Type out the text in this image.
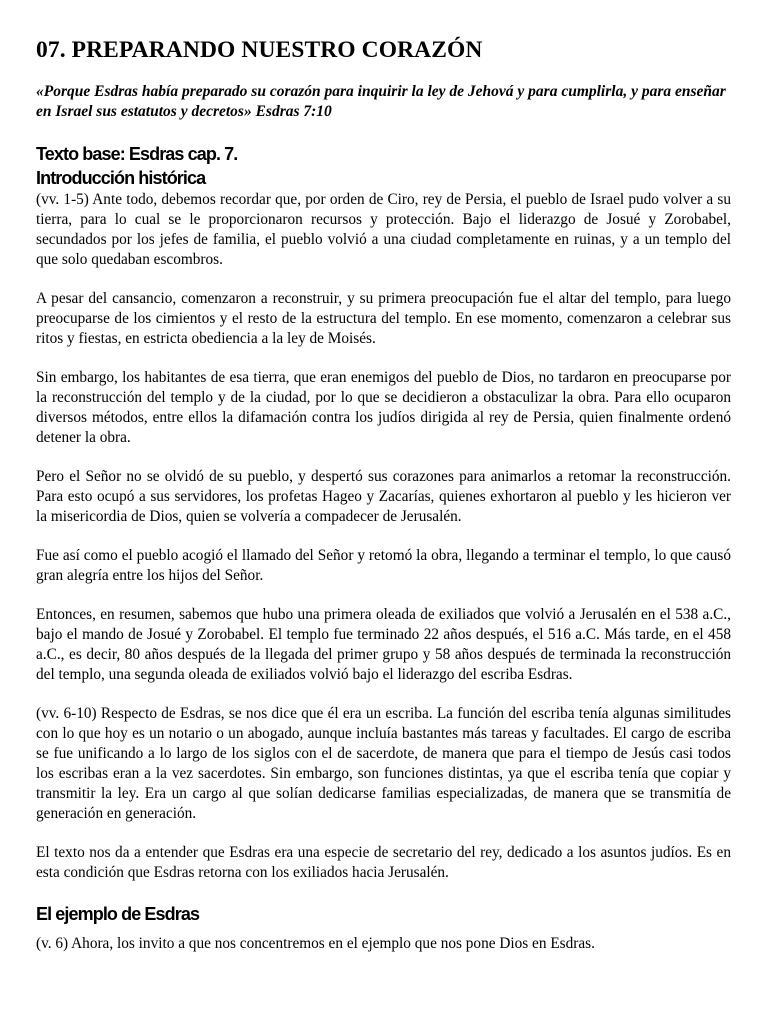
07. PREPARANDO NUESTRO CORAZÓN

«Porque Esdras había preparado su corazón para inquirir la ley de Jehová y para cumplirla, y para enseñar en Israel sus estatutos y decretos» Esdras 7:10

Texto base: Esdras cap. 7.
Introducción histórica

(vv. 1-5) Ante todo, debemos recordar que, por orden de Ciro, rey de Persia, el pueblo de Israel pudo volver a su tierra, para lo cual se le proporcionaron recursos y protección. Bajo el liderazgo de Josué y Zorobabel, secundados por los jefes de familia, el pueblo volvió a una ciudad completamente en ruinas, y a un templo del que solo quedaban escombros.

A pesar del cansancio, comenzaron a reconstruir, y su primera preocupación fue el altar del templo, para luego preocuparse de los cimientos y el resto de la estructura del templo. En ese momento, comenzaron a celebrar sus ritos y fiestas, en estricta obediencia a la ley de Moisés.

Sin embargo, los habitantes de esa tierra, que eran enemigos del pueblo de Dios, no tardaron en preocuparse por la reconstrucción del templo y de la ciudad, por lo que se decidieron a obstaculizar la obra. Para ello ocuparon diversos métodos, entre ellos la difamación contra los judíos dirigida al rey de Persia, quien finalmente ordenó detener la obra.

Pero el Señor no se olvidó de su pueblo, y despertó sus corazones para animarlos a retomar la reconstrucción. Para esto ocupó a sus servidores, los profetas Hageo y Zacarías, quienes exhortaron al pueblo y les hicieron ver la misericordia de Dios, quien se volvería a compadecer de Jerusalén.

Fue así como el pueblo acogió el llamado del Señor y retomó la obra, llegando a terminar el templo, lo que causó gran alegría entre los hijos del Señor.

Entonces, en resumen, sabemos que hubo una primera oleada de exiliados que volvió a Jerusalén en el 538 a.C., bajo el mando de Josué y Zorobabel. El templo fue terminado 22 años después, el 516 a.C. Más tarde, en el 458 a.C., es decir, 80 años después de la llegada del primer grupo y 58 años después de terminada la reconstrucción del templo, una segunda oleada de exiliados volvió bajo el liderazgo del escriba Esdras.

(vv. 6-10) Respecto de Esdras, se nos dice que él era un escriba. La función del escriba tenía algunas similitudes con lo que hoy es un notario o un abogado, aunque incluía bastantes más tareas y facultades. El cargo de escriba se fue unificando a lo largo de los siglos con el de sacerdote, de manera que para el tiempo de Jesús casi todos los escribas eran a la vez sacerdotes. Sin embargo, son funciones distintas, ya que el escriba tenía que copiar y transmitir la ley. Era un cargo al que solían dedicarse familias especializadas, de manera que se transmitía de generación en generación.

El texto nos da a entender que Esdras era una especie de secretario del rey, dedicado a los asuntos judíos. Es en esta condición que Esdras retorna con los exiliados hacia Jerusalén.

El ejemplo de Esdras

(v. 6) Ahora, los invito a que nos concentremos en el ejemplo que nos pone Dios en Esdras.
